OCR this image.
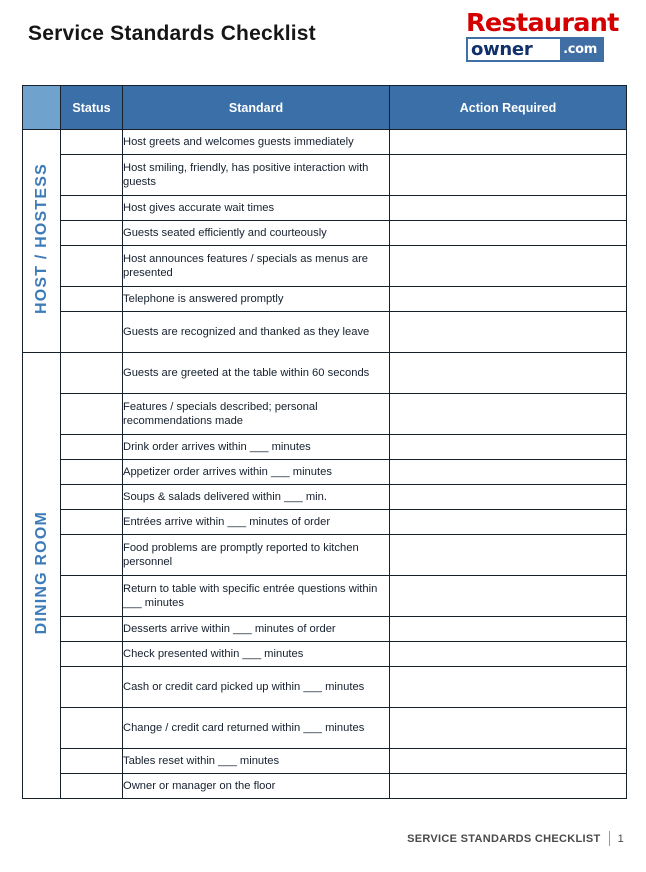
Service Standards Checklist	Restaurant
owner	.com
	Status	Standard	Action Required
HOST / HOSTESS		Host greets and welcomes guests immediately	
		Host smiling, friendly, has positive interaction with guests	
		Host gives accurate wait times	
		Guests seated efficiently and courteously	
		Host announces features / specials as menus are presented	
		Telephone is answered promptly	
		Guests are recognized and thanked as they leave	
DINING ROOM		Guests are greeted at the table within 60 seconds	
		Features / specials described; personal recommendations made	
		Drink order arrives within ___ minutes	
		Appetizer order arrives within ___ minutes	
		Soups & salads delivered within ___ min.	
		Entrées arrive within ___ minutes of order	
		Food problems are promptly reported to kitchen personnel	
		Return to table with specific entrée questions within ___ minutes	
		Desserts arrive within ___ minutes of order	
		Check presented within ___ minutes	
		Cash or credit card picked up within ___ minutes	
		Change / credit card returned within ___ minutes	
		Tables reset within ___ minutes	
		Owner or manager on the floor	
SERVICE STANDARDS CHECKLIST 1
